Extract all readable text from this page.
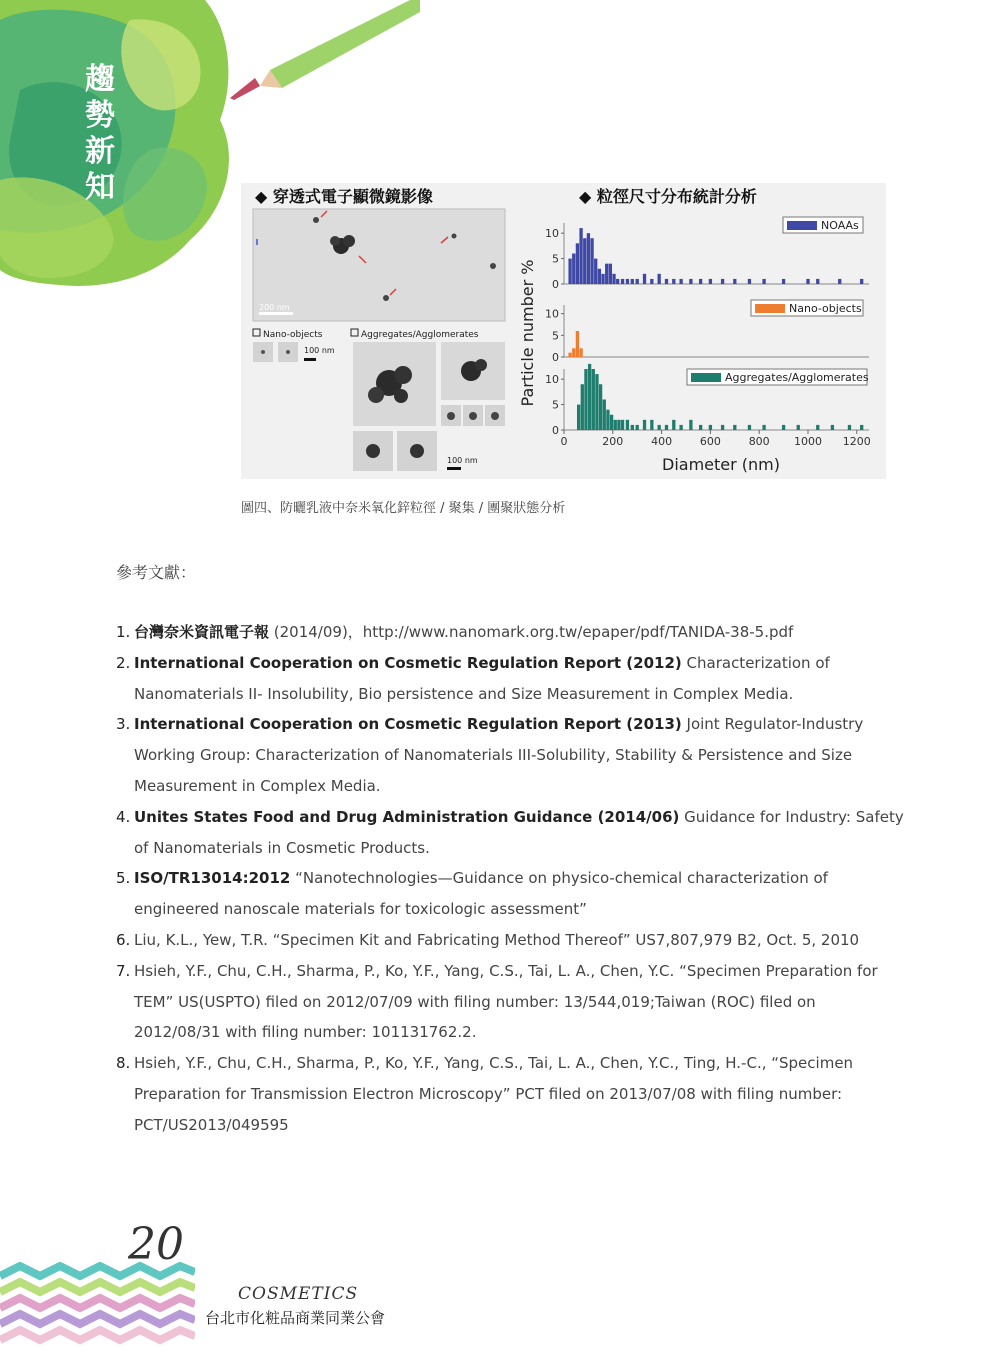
趨
勢
新
知	◆ 穿透式電子顯微鏡影像	◆ 粒徑尺寸分布統計分析
200 nm
Nano-objects
100 nm
Aggregates/Agglomerates
100 nm
10
5
0
10
5
0
10
5
0
NOAAs
Nano-objects
Aggregates/Agglomerates
0	200	400	600	800 1000 1200
Diameter (nm)
Particle number %
圖四、防曬乳液中奈米氧化鋅粒徑 / 聚集 / 團聚狀態分析
參考文獻：
1. 台灣奈米資訊電子報 (2014/09)，http://www.nanomark.org.tw/epaper/pdf/TANIDA-38-5.pdf
2. International Cooperation on Cosmetic Regulation Report (2012) Characterization of Nanomaterials II- Insolubility, Bio persistence and Size Measurement in Complex Media.
3. International Cooperation on Cosmetic Regulation Report (2013) Joint Regulator-Industry Working Group: Characterization of Nanomaterials III-Solubility, Stability & Persistence and Size Measurement in Complex Media.
4. Unites States Food and Drug Administration Guidance (2014/06) Guidance for Industry: Safety of Nanomaterials in Cosmetic Products.
5. ISO/TR13014:2012 “Nanotechnologies—Guidance on physico-chemical characterization of engineered nanoscale materials for toxicologic assessment”
6. Liu, K.L., Yew, T.R. “Specimen Kit and Fabricating Method Thereof” US7,807,979 B2, Oct. 5, 2010
7. Hsieh, Y.F., Chu, C.H., Sharma, P., Ko, Y.F., Yang, C.S., Tai, L. A., Chen, Y.C. “Specimen Preparation for TEM” US(USPTO) filed on 2012/07/09 with filing number: 13/544,019;Taiwan (ROC) filed on 2012/08/31 with filing number: 101131762.2.
8. Hsieh, Y.F., Chu, C.H., Sharma, P., Ko, Y.F., Yang, C.S., Tai, L. A., Chen, Y.C., Ting, H.-C., “Specimen Preparation for Transmission Electron Microscopy” PCT filed on 2013/07/08 with filing number: PCT/US2013/049595
20
COSMETICS
台北市化粧品商業同業公會
